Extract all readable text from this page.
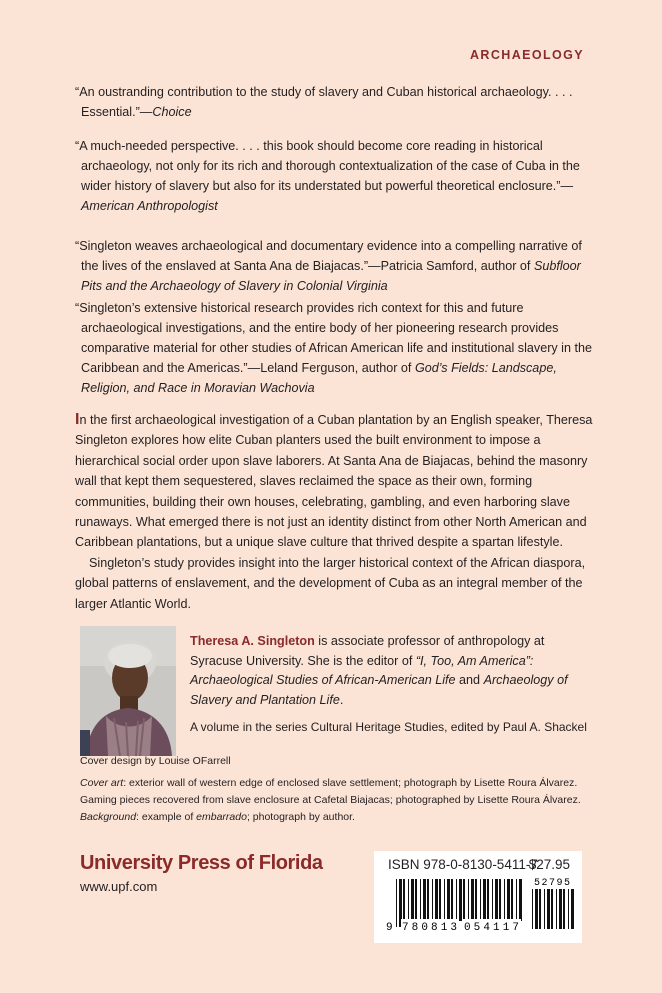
ARCHAEOLOGY
“An oustranding contribution to the study of slavery and Cuban historical archaeology. . . . Essential.”—Choice
“A much-needed perspective. . . . this book should become core reading in historical archaeology, not only for its rich and thorough contextualization of the case of Cuba in the wider history of slavery but also for its understated but powerful theoretical enclosure.”—American Anthropologist
“Singleton weaves archaeological and documentary evidence into a compelling narrative of the lives of the enslaved at Santa Ana de Biajacas.”—Patricia Samford, author of Subfloor Pits and the Archaeology of Slavery in Colonial Virginia
“Singleton’s extensive historical research provides rich context for this and future archaeological investigations, and the entire body of her pioneering research provides comparative material for other studies of African American life and institutional slavery in the Caribbean and the Americas.”—Leland Ferguson, author of God’s Fields: Landscape, Religion, and Race in Moravian Wachovia

In the first archaeological investigation of a Cuban plantation by an English speaker, Theresa Singleton explores how elite Cuban planters used the built environment to impose a hierarchical social order upon slave laborers. At Santa Ana de Biajacas, behind the masonry wall that kept them sequestered, slaves reclaimed the space as their own, forming communities, building their own houses, celebrating, gambling, and even harboring slave runaways. What emerged there is not just an identity distinct from other North American and Caribbean plantations, but a unique slave culture that thrived despite a spartan lifestyle.

Singleton’s study provides insight into the larger historical context of the African diaspora, global patterns of enslavement, and the development of Cuba as an integral member of the larger Atlantic World.

Theresa A. Singleton is associate professor of anthropology at Syracuse University. She is the editor of “I, Too, Am America”: Archaeological Studies of African-American Life and Archaeology of Slavery and Plantation Life.
A volume in the series Cultural Heritage Studies, edited by Paul A. Shackel
Cover design by Louise OFarrell
Cover art: exterior wall of western edge of enclosed slave settlement; photograph by Lisette Roura Álvarez. Gaming pieces recovered from slave enclosure at Cafetal Biajacas; photographed by Lisette Roura Álvarez. Background: example of embarrado; photograph by author.
University Press of Florida
www.upf.com
ISBN 978-0-8130-5411-7
$27.95
9 780813 054117
52795
